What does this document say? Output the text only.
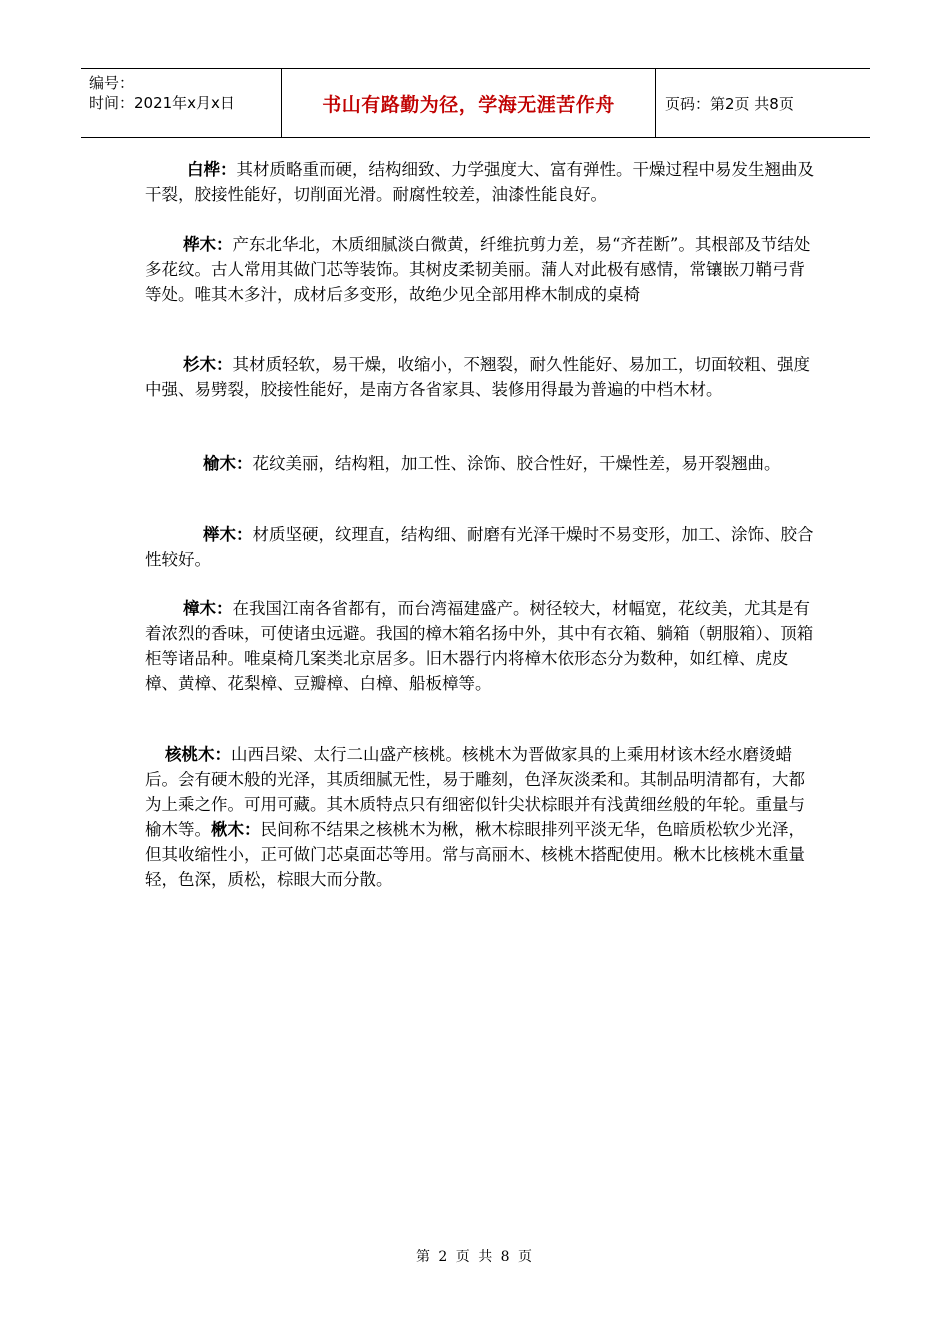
编号：
时间：2021年x月x日	书山有路勤为径，学海无涯苦作舟	页码：第2页 共8页
白桦：其材质略重而硬，结构细致、力学强度大、富有弹性。干燥过程中易发生翘曲及干裂，胶接性能好，切削面光滑。耐腐性较差，油漆性能良好。
桦木：产东北华北，木质细腻淡白微黄，纤维抗剪力差，易“齐茬断”。其根部及节结处多花纹。古人常用其做门芯等装饰。其树皮柔韧美丽。蒲人对此极有感情，常镶嵌刀鞘弓背等处。唯其木多汁，成材后多变形，故绝少见全部用桦木制成的桌椅
杉木：其材质轻软，易干燥，收缩小，不翘裂，耐久性能好、易加工，切面较粗、强度中强、易劈裂，胶接性能好，是南方各省家具、装修用得最为普遍的中档木材。
榆木：花纹美丽，结构粗，加工性、涂饰、胶合性好，干燥性差，易开裂翘曲。
榉木：材质坚硬，纹理直，结构细、耐磨有光泽干燥时不易变形，加工、涂饰、胶合性较好。
樟木：在我国江南各省都有，而台湾福建盛产。树径较大，材幅宽，花纹美，尤其是有着浓烈的香味，可使诸虫远避。我国的樟木箱名扬中外，其中有衣箱、躺箱（朝服箱）、顶箱柜等诸品种。唯桌椅几案类北京居多。旧木器行内将樟木依形态分为数种，如红樟、虎皮樟、黄樟、花梨樟、豆瓣樟、白樟、船板樟等。
核桃木：山西吕梁、太行二山盛产核桃。核桃木为晋做家具的上乘用材该木经水磨烫蜡后。会有硬木般的光泽，其质细腻无性，易于雕刻，色泽灰淡柔和。其制品明清都有，大都为上乘之作。可用可藏。其木质特点只有细密似针尖状棕眼并有浅黄细丝般的年轮。重量与榆木等。楸木：民间称不结果之核桃木为楸，楸木棕眼排列平淡无华，色暗质松软少光泽，但其收缩性小，正可做门芯桌面芯等用。常与高丽木、核桃木搭配使用。楸木比核桃木重量轻，色深，质松，棕眼大而分散。
第 2 页 共 8 页
